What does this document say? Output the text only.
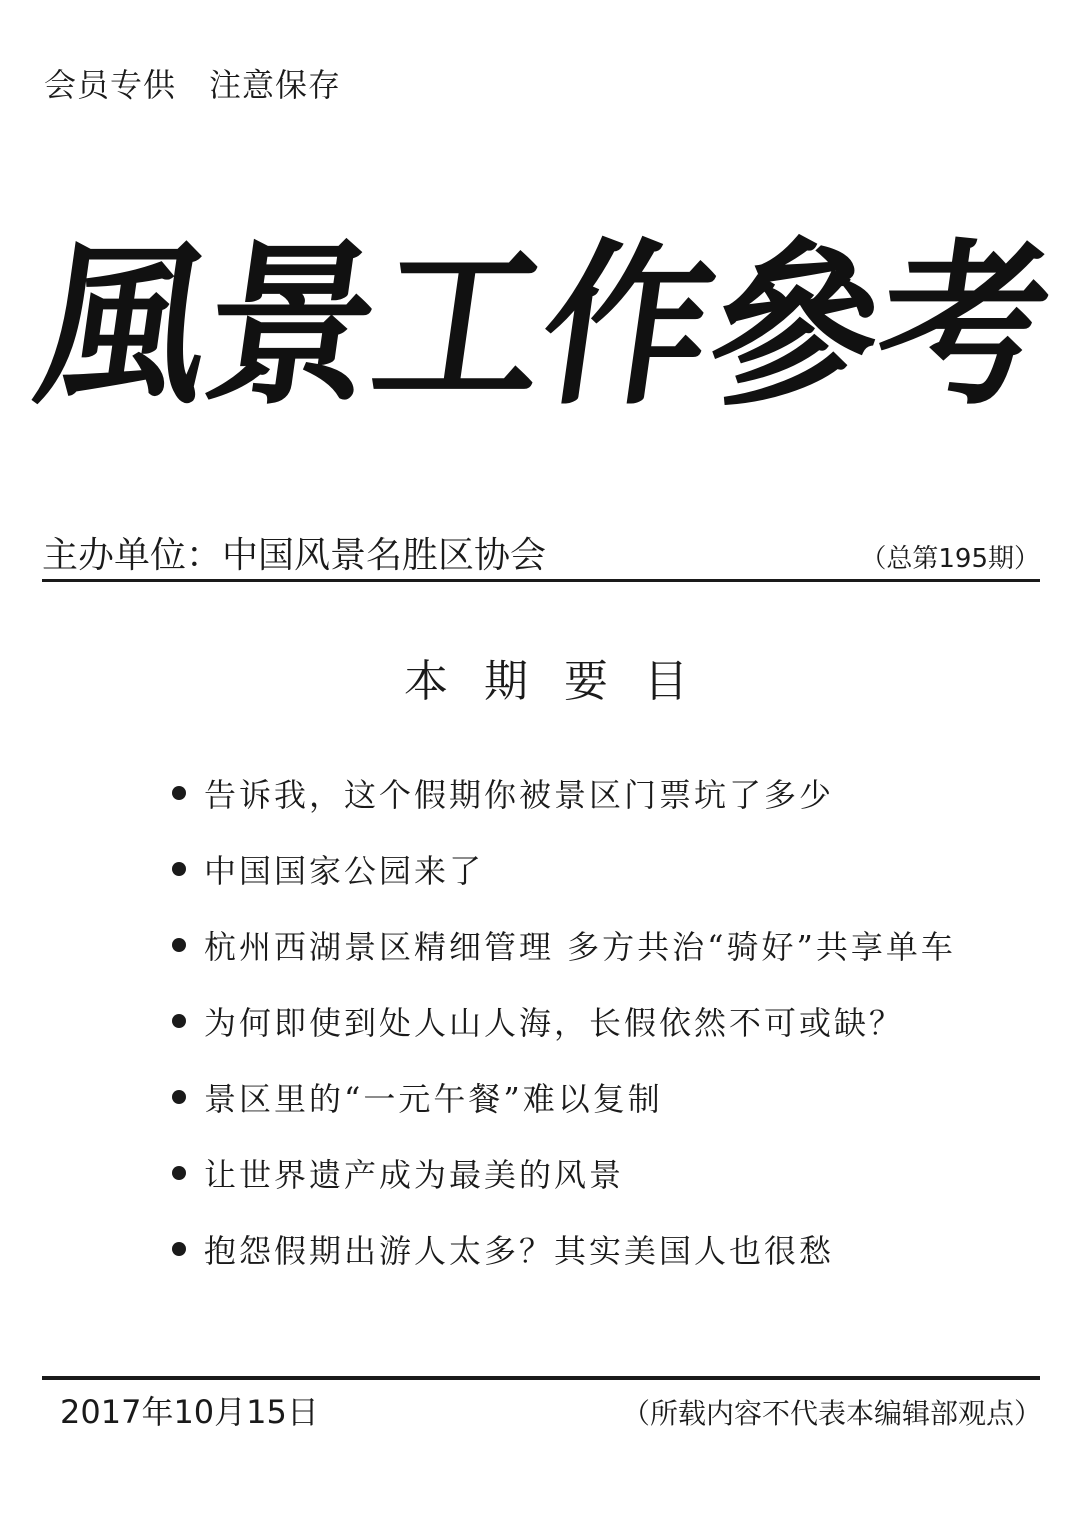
会员专供　注意保存
風
景
工
作
參
考
主办单位：中国风景名胜区协会	（总第195期）
本期要目
告诉我，这个假期你被景区门票坑了多少
中国国家公园来了
杭州西湖景区精细管理 多方共治“骑好”共享单车
为何即使到处人山人海，长假依然不可或缺？
景区里的“一元午餐”难以复制
让世界遗产成为最美的风景
抱怨假期出游人太多？其实美国人也很愁
2017年10月15日	（所载内容不代表本编辑部观点）
